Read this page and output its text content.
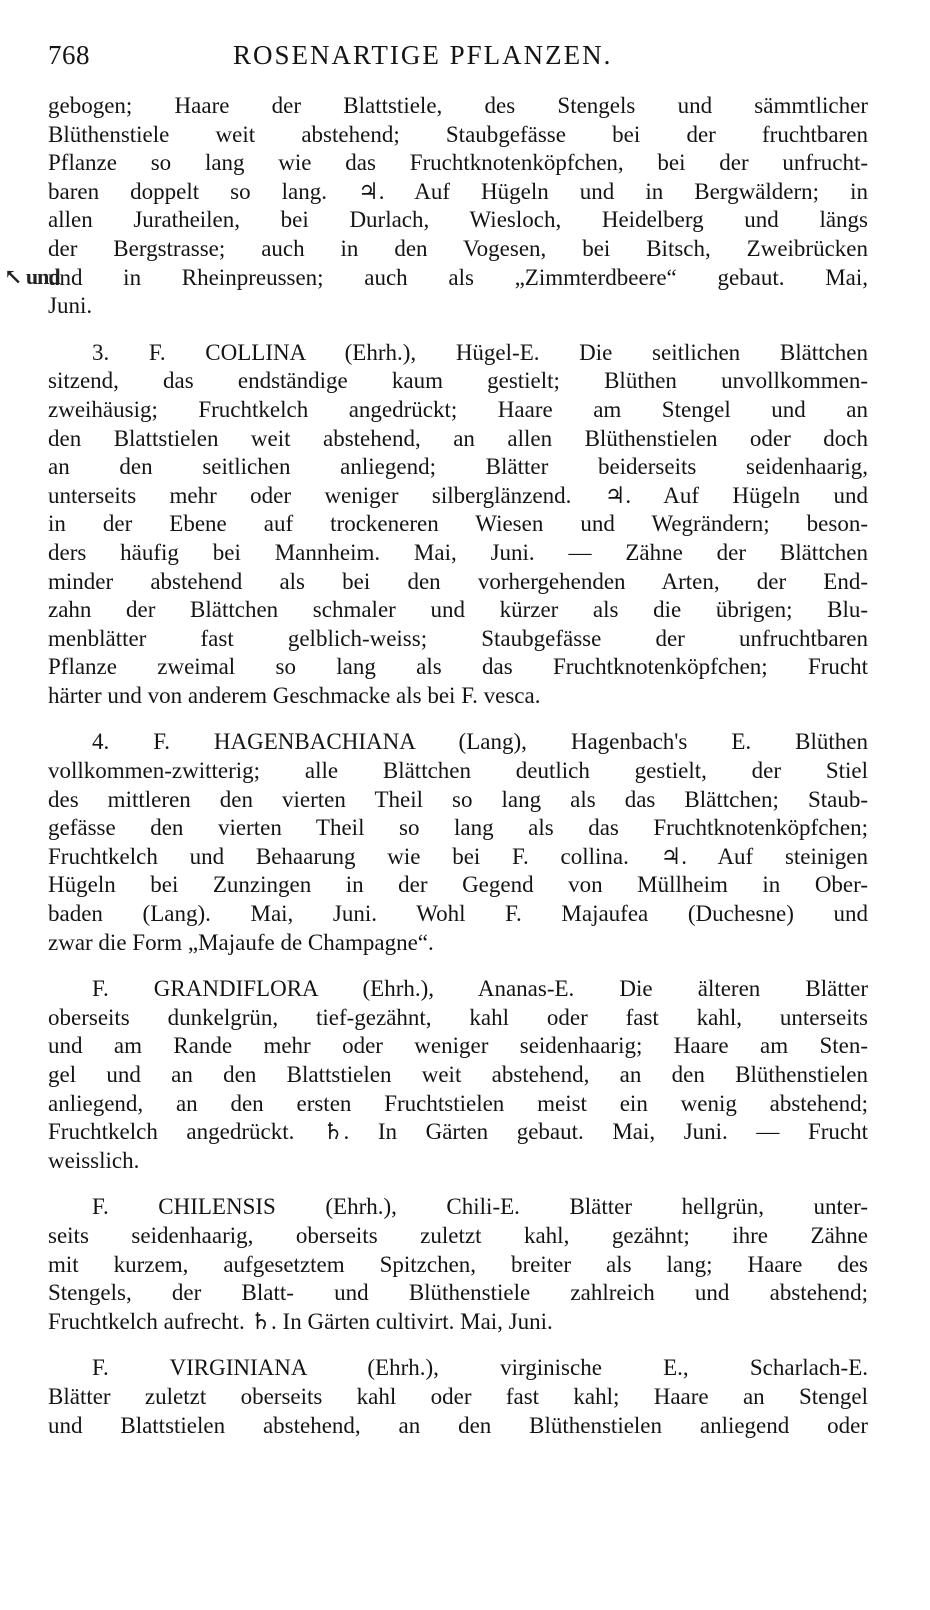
768	ROSENARTIGE PFLANZEN.
↖ und
gebogen; Haare der Blattstiele, des Stengels und sämmtlicher
Blüthenstiele weit abstehend; Staubgefässe bei der fruchtbaren
Pflanze so lang wie das Fruchtknotenköpfchen, bei der unfrucht-
baren doppelt so lang. ♃. Auf Hügeln und in Bergwäldern; in
allen Juratheilen, bei Durlach, Wiesloch, Heidelberg und längs
der Bergstrasse; auch in den Vogesen, bei Bitsch, Zweibrücken
und in Rheinpreussen; auch als „Zimmterdbeere“ gebaut. Mai,
Juni.
3. F. COLLINA (Ehrh.), Hügel-E. Die seitlichen Blättchen
sitzend, das endständige kaum gestielt; Blüthen unvollkommen-
zweihäusig; Fruchtkelch angedrückt; Haare am Stengel und an
den Blattstielen weit abstehend, an allen Blüthenstielen oder doch
an den seitlichen anliegend; Blätter beiderseits seidenhaarig,
unterseits mehr oder weniger silberglänzend. ♃. Auf Hügeln und
in der Ebene auf trockeneren Wiesen und Wegrändern; beson-
ders häufig bei Mannheim. Mai, Juni. — Zähne der Blättchen
minder abstehend als bei den vorhergehenden Arten, der End-
zahn der Blättchen schmaler und kürzer als die übrigen; Blu-
menblätter fast gelblich-weiss; Staubgefässe der unfruchtbaren
Pflanze zweimal so lang als das Fruchtknotenköpfchen; Frucht
härter und von anderem Geschmacke als bei F. vesca.
4. F. HAGENBACHIANA (Lang), Hagenbach's E. Blüthen
vollkommen-zwitterig; alle Blättchen deutlich gestielt, der Stiel
des mittleren den vierten Theil so lang als das Blättchen; Staub-
gefässe den vierten Theil so lang als das Fruchtknotenköpfchen;
Fruchtkelch und Behaarung wie bei F. collina. ♃. Auf steinigen
Hügeln bei Zunzingen in der Gegend von Müllheim in Ober-
baden (Lang). Mai, Juni. Wohl F. Majaufea (Duchesne) und
zwar die Form „Majaufe de Champagne“.
F. GRANDIFLORA (Ehrh.), Ananas-E. Die älteren Blätter
oberseits dunkelgrün, tief-gezähnt, kahl oder fast kahl, unterseits
und am Rande mehr oder weniger seidenhaarig; Haare am Sten-
gel und an den Blattstielen weit abstehend, an den Blüthenstielen
anliegend, an den ersten Fruchtstielen meist ein wenig abstehend;
Fruchtkelch angedrückt. ♄. In Gärten gebaut. Mai, Juni. — Frucht
weisslich.
F. CHILENSIS (Ehrh.), Chili-E. Blätter hellgrün, unter-
seits seidenhaarig, oberseits zuletzt kahl, gezähnt; ihre Zähne
mit kurzem, aufgesetztem Spitzchen, breiter als lang; Haare des
Stengels, der Blatt- und Blüthenstiele zahlreich und abstehend;
Fruchtkelch aufrecht. ♄. In Gärten cultivirt. Mai, Juni.
F. VIRGINIANA (Ehrh.), virginische E., Scharlach-E.
Blätter zuletzt oberseits kahl oder fast kahl; Haare an Stengel
und Blattstielen abstehend, an den Blüthenstielen anliegend oder
